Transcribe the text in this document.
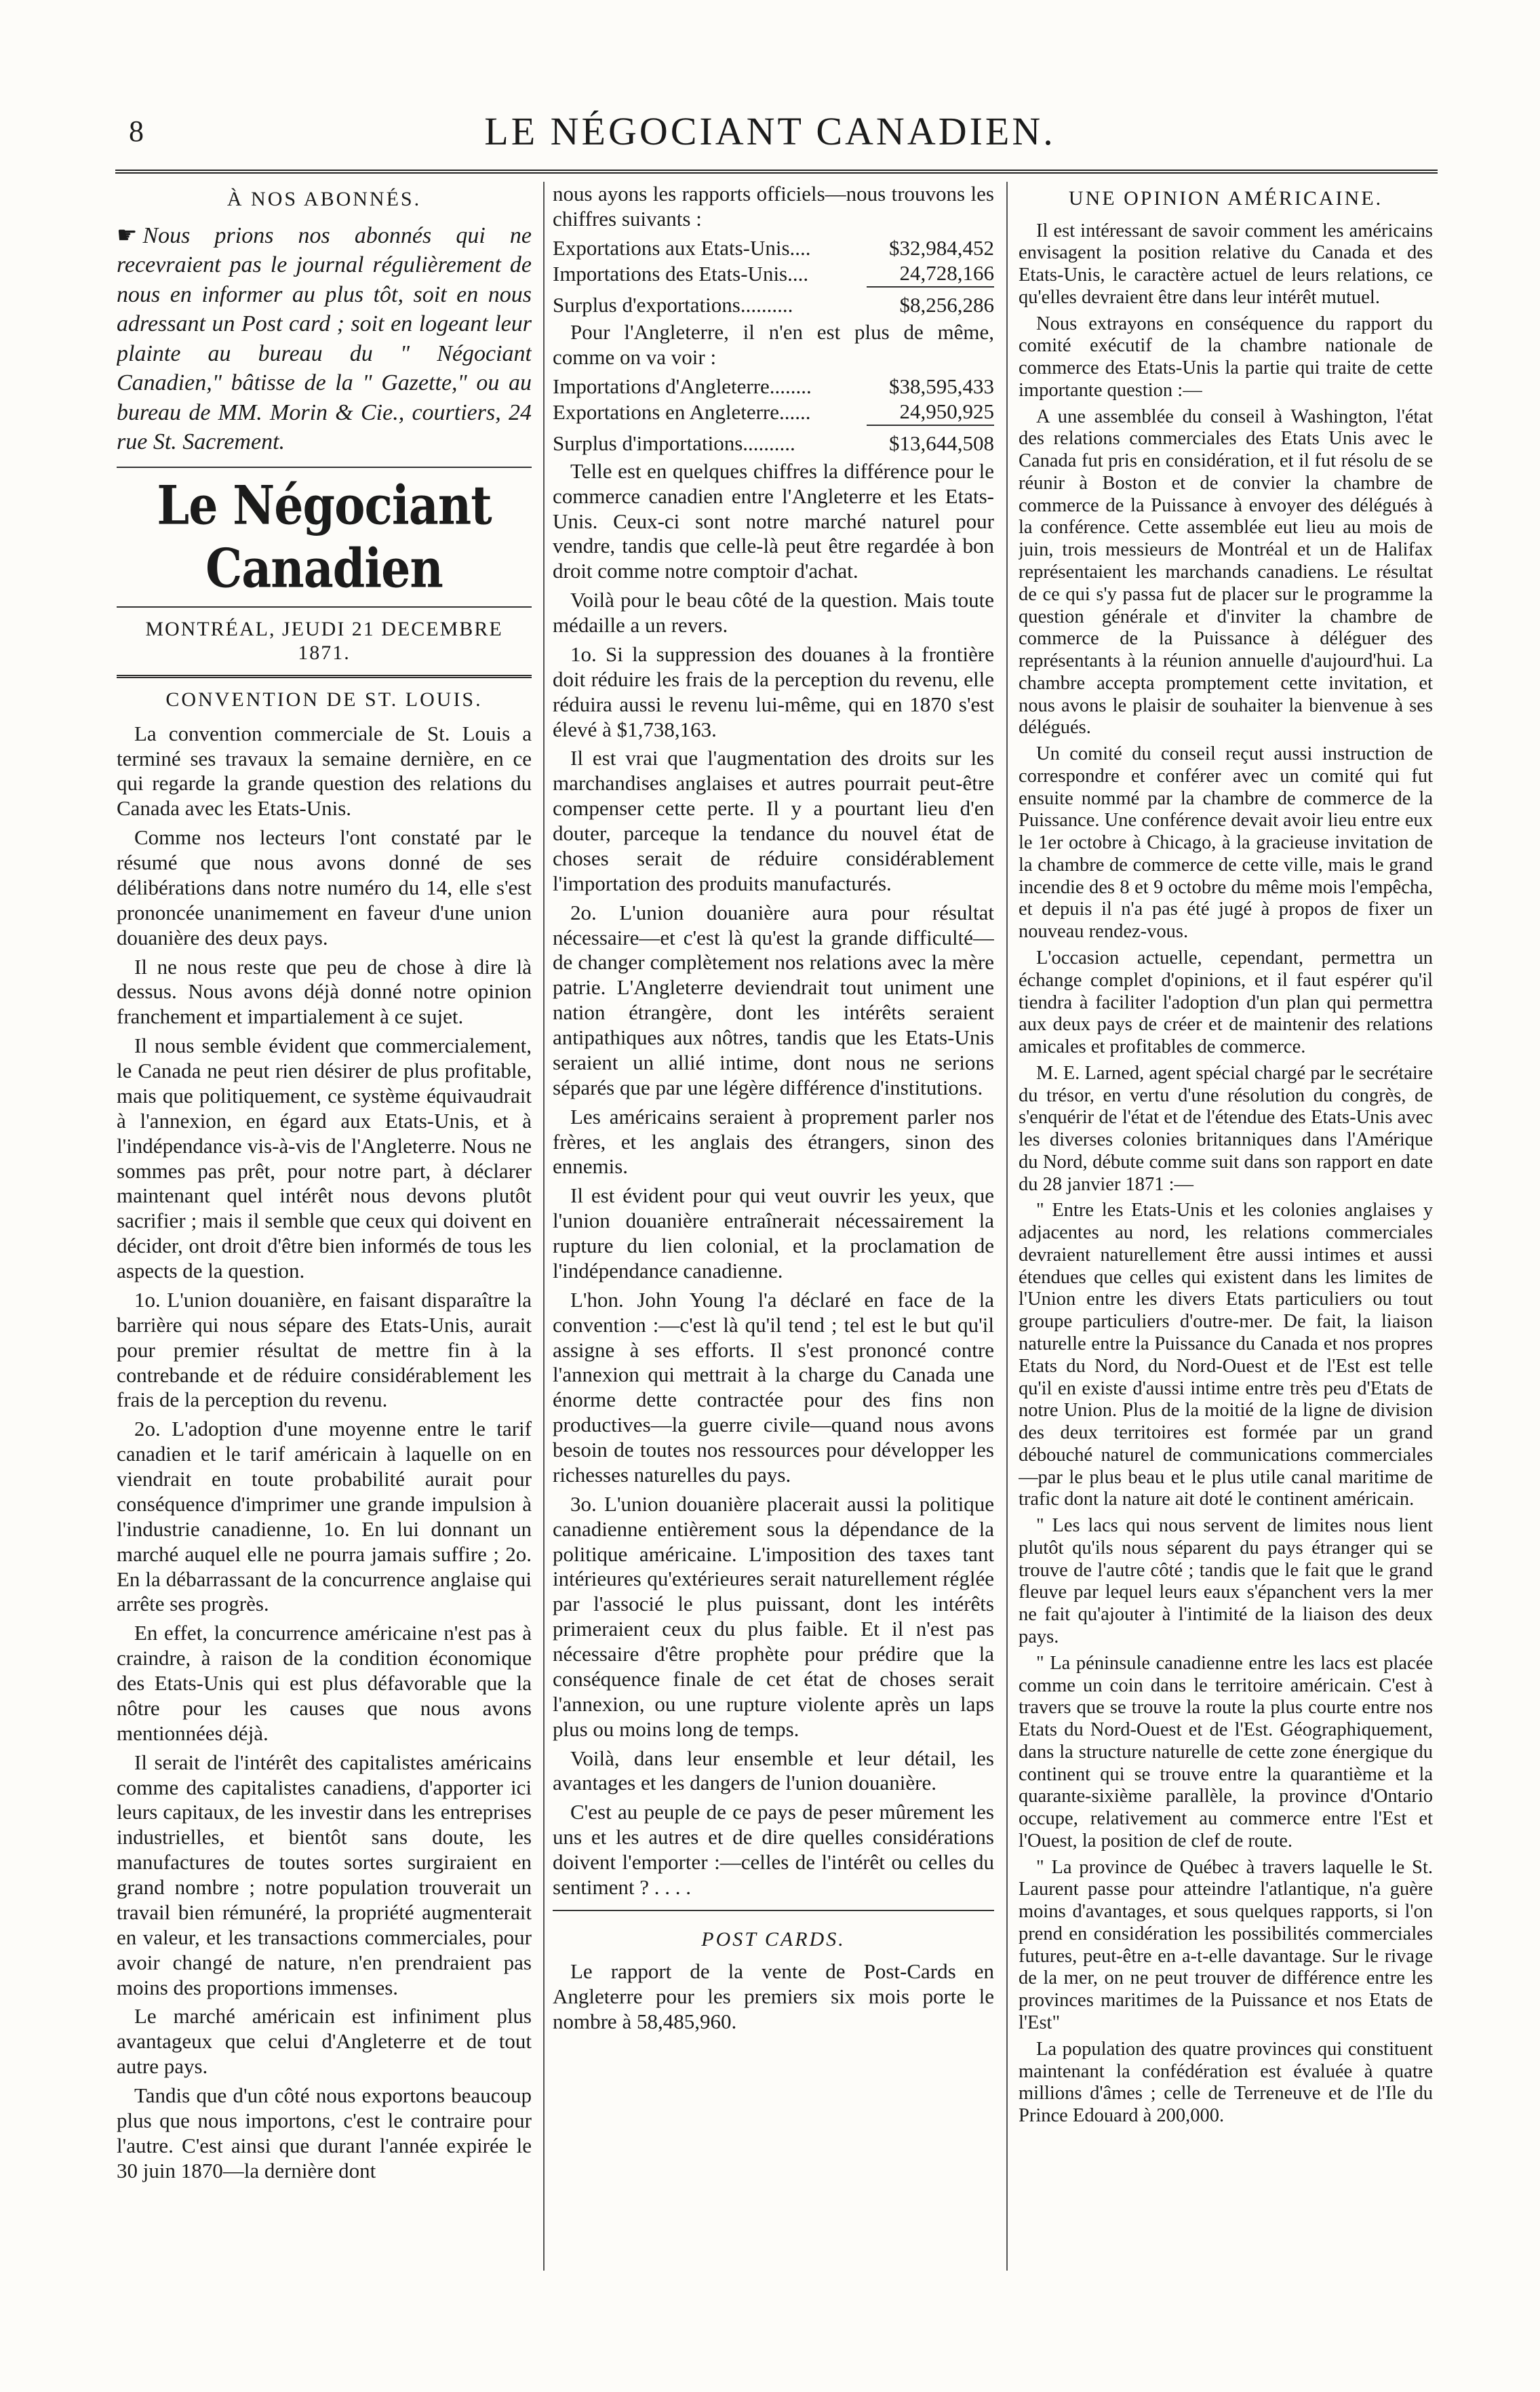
8	LE NÉGOCIANT CANADIEN.
À NOS ABONNÉS.
☛ Nous prions nos abonnés qui ne recevraient pas le journal régulièrement de nous en informer au plus tôt, soit en nous adressant un Post card ; soit en logeant leur plainte au bureau du " Négociant Canadien," bâtisse de la " Gazette," ou au bureau de MM. Morin & Cie., courtiers, 24 rue St. Sacrement.
Le Négociant Canadien
MONTRÉAL, JEUDI 21 DECEMBRE 1871.
CONVENTION DE ST. LOUIS.

La convention commerciale de St. Louis a terminé ses travaux la semaine dernière, en ce qui regarde la grande question des relations du Canada avec les Etats-Unis.

Comme nos lecteurs l'ont constaté par le résumé que nous avons donné de ses délibérations dans notre numéro du 14, elle s'est prononcée unanimement en faveur d'une union douanière des deux pays.

Il ne nous reste que peu de chose à dire là dessus. Nous avons déjà donné notre opinion franchement et impartialement à ce sujet.

Il nous semble évident que commercialement, le Canada ne peut rien désirer de plus profitable, mais que politiquement, ce système équivaudrait à l'annexion, en égard aux Etats-Unis, et à l'indépendance vis-à-vis de l'Angleterre. Nous ne sommes pas prêt, pour notre part, à déclarer maintenant quel intérêt nous devons plutôt sacrifier ; mais il semble que ceux qui doivent en décider, ont droit d'être bien informés de tous les aspects de la question.

1o. L'union douanière, en faisant disparaître la barrière qui nous sépare des Etats-Unis, aurait pour premier résultat de mettre fin à la contrebande et de réduire considérablement les frais de la perception du revenu.

2o. L'adoption d'une moyenne entre le tarif canadien et le tarif américain à laquelle on en viendrait en toute probabilité aurait pour conséquence d'imprimer une grande impulsion à l'industrie canadienne, 1o. En lui donnant un marché auquel elle ne pourra jamais suffire ; 2o. En la débarrassant de la concurrence anglaise qui arrête ses progrès.

En effet, la concurrence américaine n'est pas à craindre, à raison de la condition économique des Etats-Unis qui est plus défavorable que la nôtre pour les causes que nous avons mentionnées déjà.

Il serait de l'intérêt des capitalistes américains comme des capitalistes canadiens, d'apporter ici leurs capitaux, de les investir dans les entreprises industrielles, et bientôt sans doute, les manufactures de toutes sortes surgiraient en grand nombre ; notre population trouverait un travail bien rémunéré, la propriété augmenterait en valeur, et les transactions commerciales, pour avoir changé de nature, n'en prendraient pas moins des proportions immenses.

Le marché américain est infiniment plus avantageux que celui d'Angleterre et de tout autre pays.

Tandis que d'un côté nous exportons beaucoup plus que nous importons, c'est le contraire pour l'autre. C'est ainsi que durant l'année expirée le 30 juin 1870—la dernière dont

nous ayons les rapports officiels—nous trouvons les chiffres suivants :

Exportations aux Etats-Unis....	$32,984,452
Importations des Etats-Unis....	24,728,166
Surplus d'exportations..........	$8,256,286

Pour l'Angleterre, il n'en est plus de même, comme on va voir :

Importations d'Angleterre........	$38,595,433
Exportations en Angleterre......	24,950,925
Surplus d'importations..........	$13,644,508

Telle est en quelques chiffres la différence pour le commerce canadien entre l'Angleterre et les Etats-Unis. Ceux-ci sont notre marché naturel pour vendre, tandis que celle-là peut être regardée à bon droit comme notre comptoir d'achat.

Voilà pour le beau côté de la question. Mais toute médaille a un revers.

1o. Si la suppression des douanes à la frontière doit réduire les frais de la perception du revenu, elle réduira aussi le revenu lui-même, qui en 1870 s'est élevé à $1,738,163.

Il est vrai que l'augmentation des droits sur les marchandises anglaises et autres pourrait peut-être compenser cette perte. Il y a pourtant lieu d'en douter, parceque la tendance du nouvel état de choses serait de réduire considérablement l'importation des produits manufacturés.

2o. L'union douanière aura pour résultat nécessaire—et c'est là qu'est la grande difficulté—de changer complètement nos relations avec la mère patrie. L'Angleterre deviendrait tout uniment une nation étrangère, dont les intérêts seraient antipathiques aux nôtres, tandis que les Etats-Unis seraient un allié intime, dont nous ne serions séparés que par une légère différence d'institutions.

Les américains seraient à proprement parler nos frères, et les anglais des étrangers, sinon des ennemis.

Il est évident pour qui veut ouvrir les yeux, que l'union douanière entraînerait nécessairement la rupture du lien colonial, et la proclamation de l'indépendance canadienne.

L'hon. John Young l'a déclaré en face de la convention :—c'est là qu'il tend ; tel est le but qu'il assigne à ses efforts. Il s'est prononcé contre l'annexion qui mettrait à la charge du Canada une énorme dette contractée pour des fins non productives—la guerre civile—quand nous avons besoin de toutes nos ressources pour développer les richesses naturelles du pays.

3o. L'union douanière placerait aussi la politique canadienne entièrement sous la dépendance de la politique américaine. L'imposition des taxes tant intérieures qu'extérieures serait naturellement réglée par l'associé le plus puissant, dont les intérêts primeraient ceux du plus faible. Et il n'est pas nécessaire d'être prophète pour prédire que la conséquence finale de cet état de choses serait l'annexion, ou une rupture violente après un laps plus ou moins long de temps.

Voilà, dans leur ensemble et leur détail, les avantages et les dangers de l'union douanière.

C'est au peuple de ce pays de peser mûrement les uns et les autres et de dire quelles considérations doivent l'emporter :—celles de l'intérêt ou celles du sentiment ? . . . .

POST CARDS.

Le rapport de la vente de Post-Cards en Angleterre pour les premiers six mois porte le nombre à 58,485,960.

UNE OPINION AMÉRICAINE.

Il est intéressant de savoir comment les américains envisagent la position relative du Canada et des Etats-Unis, le caractère actuel de leurs relations, ce qu'elles devraient être dans leur intérêt mutuel.

Nous extrayons en conséquence du rapport du comité exécutif de la chambre nationale de commerce des Etats-Unis la partie qui traite de cette importante question :—

A une assemblée du conseil à Washington, l'état des relations commerciales des Etats Unis avec le Canada fut pris en considération, et il fut résolu de se réunir à Boston et de convier la chambre de commerce de la Puissance à envoyer des délégués à la conférence. Cette assemblée eut lieu au mois de juin, trois messieurs de Montréal et un de Halifax représentaient les marchands canadiens. Le résultat de ce qui s'y passa fut de placer sur le programme la question générale et d'inviter la chambre de commerce de la Puissance à déléguer des représentants à la réunion annuelle d'aujourd'hui. La chambre accepta promptement cette invitation, et nous avons le plaisir de souhaiter la bienvenue à ses délégués.

Un comité du conseil reçut aussi instruction de correspondre et conférer avec un comité qui fut ensuite nommé par la chambre de commerce de la Puissance. Une conférence devait avoir lieu entre eux le 1er octobre à Chicago, à la gracieuse invitation de la chambre de commerce de cette ville, mais le grand incendie des 8 et 9 octobre du même mois l'empêcha, et depuis il n'a pas été jugé à propos de fixer un nouveau rendez-vous.

L'occasion actuelle, cependant, permettra un échange complet d'opinions, et il faut espérer qu'il tiendra à faciliter l'adoption d'un plan qui permettra aux deux pays de créer et de maintenir des relations amicales et profitables de commerce.

M. E. Larned, agent spécial chargé par le secrétaire du trésor, en vertu d'une résolution du congrès, de s'enquérir de l'état et de l'étendue des Etats-Unis avec les diverses colonies britanniques dans l'Amérique du Nord, débute comme suit dans son rapport en date du 28 janvier 1871 :—

" Entre les Etats-Unis et les colonies anglaises y adjacentes au nord, les relations commerciales devraient naturellement être aussi intimes et aussi étendues que celles qui existent dans les limites de l'Union entre les divers Etats particuliers ou tout groupe particuliers d'outre-mer. De fait, la liaison naturelle entre la Puissance du Canada et nos propres Etats du Nord, du Nord-Ouest et de l'Est est telle qu'il en existe d'aussi intime entre très peu d'Etats de notre Union. Plus de la moitié de la ligne de division des deux territoires est formée par un grand débouché naturel de communications commerciales—par le plus beau et le plus utile canal maritime de trafic dont la nature ait doté le continent américain.

" Les lacs qui nous servent de limites nous lient plutôt qu'ils nous séparent du pays étranger qui se trouve de l'autre côté ; tandis que le fait que le grand fleuve par lequel leurs eaux s'épanchent vers la mer ne fait qu'ajouter à l'intimité de la liaison des deux pays.

" La péninsule canadienne entre les lacs est placée comme un coin dans le territoire américain. C'est à travers que se trouve la route la plus courte entre nos Etats du Nord-Ouest et de l'Est. Géographiquement, dans la structure naturelle de cette zone énergique du continent qui se trouve entre la quarantième et la quarante-sixième parallèle, la province d'Ontario occupe, relativement au commerce entre l'Est et l'Ouest, la position de clef de route.

" La province de Québec à travers laquelle le St. Laurent passe pour atteindre l'atlantique, n'a guère moins d'avantages, et sous quelques rapports, si l'on prend en considération les possibilités commerciales futures, peut-être en a-t-elle davantage. Sur le rivage de la mer, on ne peut trouver de différence entre les provinces maritimes de la Puissance et nos Etats de l'Est"

La population des quatre provinces qui constituent maintenant la confédération est évaluée à quatre millions d'âmes ; celle de Terreneuve et de l'Ile du Prince Edouard à 200,000.
